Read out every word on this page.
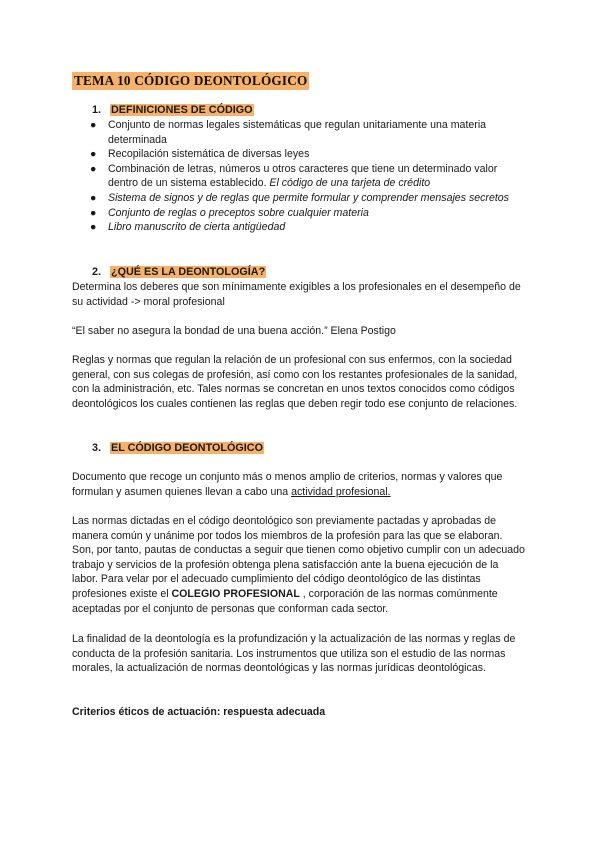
TEMA 10 CÓDIGO DEONTOLÓGICO
1. DEFINICIONES DE CÓDIGO
● Conjunto de normas legales sistemáticas que regulan unitariamente una materia determinada
● Recopilación sistemática de diversas leyes
● Combinación de letras, números u otros caracteres que tiene un determinado valor dentro de un sistema establecido. El código de una tarjeta de crédito
● Sistema de signos y de reglas que permite formular y comprender mensajes secretos
● Conjunto de reglas o preceptos sobre cualquier materia
● Libro manuscrito de cierta antigüedad
2. ¿QUÉ ES LA DEONTOLOGÍA?
Determina los deberes que son mínimamente exigibles a los profesionales en el desempeño de su actividad -> moral profesional
“El saber no asegura la bondad de una buena acción.” Elena Postigo
Reglas y normas que regulan la relación de un profesional con sus enfermos, con la sociedad general, con sus colegas de profesión, así como con los restantes profesionales de la sanidad, con la administración, etc. Tales normas se concretan en unos textos conocidos como códigos deontológicos los cuales contienen las reglas que deben regir todo ese conjunto de relaciones.
3. EL CÓDIGO DEONTOLÓGICO
Documento que recoge un conjunto más o menos amplio de criterios, normas y valores que formulan y asumen quienes llevan a cabo una actividad profesional.
Las normas dictadas en el código deontológico son previamente pactadas y aprobadas de manera común y unánime por todos los miembros de la profesión para las que se elaboran. Son, por tanto, pautas de conductas a seguir que tienen como objetivo cumplir con un adecuado trabajo y servicios de la profesión obtenga plena satisfacción ante la buena ejecución de la labor. Para velar por el adecuado cumplimiento del código deontológico de las distintas profesiones existe el COLEGIO PROFESIONAL , corporación de las normas comúnmente aceptadas por el conjunto de personas que conforman cada sector.
La finalidad de la deontología es la profundización y la actualización de las normas y reglas de conducta de la profesión sanitaria. Los instrumentos que utiliza son el estudio de las normas morales, la actualización de normas deontológicas y las normas jurídicas deontológicas.
Criterios éticos de actuación: respuesta adecuada
